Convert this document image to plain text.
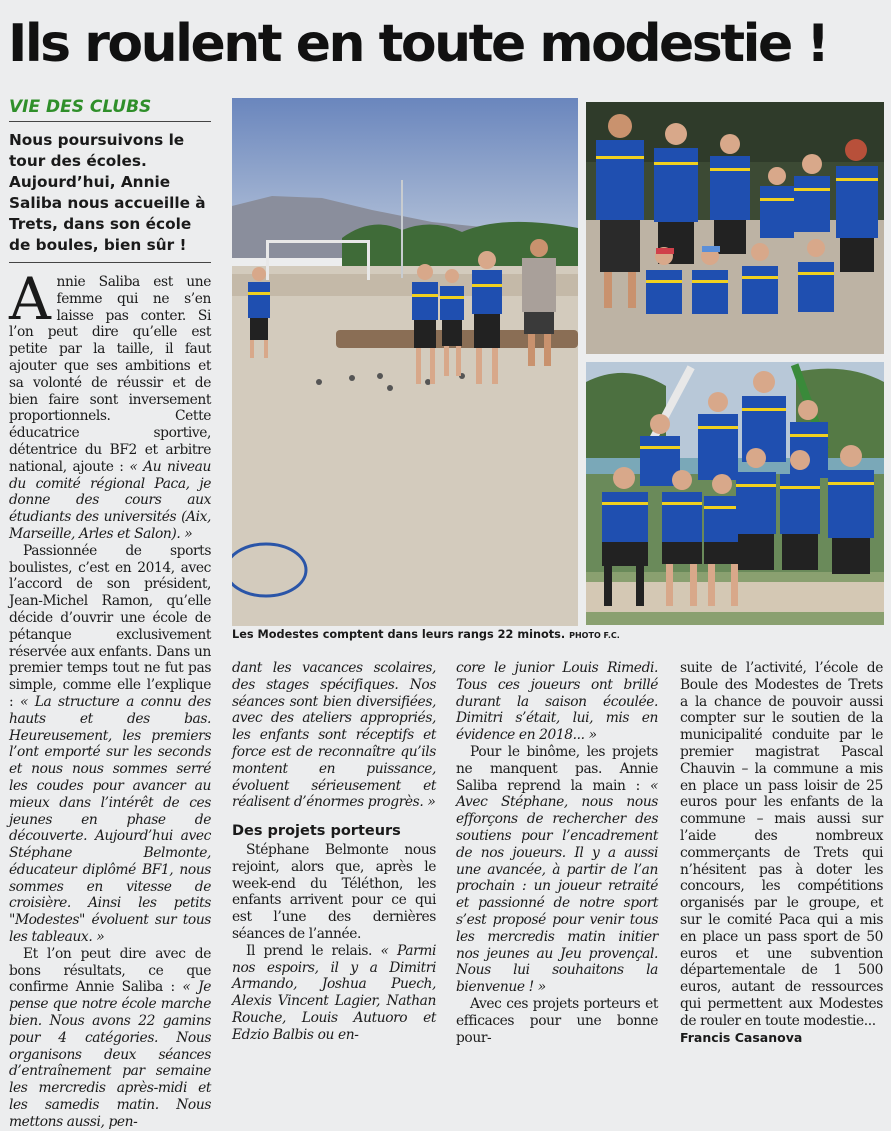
Ils roulent en toute modestie !
VIE DES CLUBS
Nous poursuivons le tour des écoles. Aujourd’hui, Annie Saliba nous accueille à Trets, dans son école de boules, bien sûr !

Annie Saliba est une femme qui ne s’en laisse pas conter. Si l’on peut dire qu’elle est petite par la taille, il faut ajouter que ses ambitions et sa volonté de réussir et de bien faire sont inversement proportionnels. Cette éducatrice sportive, détentrice du BF2 et arbitre national, ajoute : « Au niveau du comité régional Paca, je donne des cours aux étudiants des universités (Aix, Marseille, Arles et Salon). »

Passionnée de sports boulistes, c’est en 2014, avec l’accord de son président, Jean-Michel Ramon, qu’elle décide d’ouvrir une école de pétanque exclusivement réservée aux enfants. Dans un premier temps tout ne fut pas simple, comme elle l’explique : « La structure a connu des hauts et des bas. Heureusement, les premiers l’ont emporté sur les seconds et nous nous sommes serré les coudes pour avancer au mieux dans l’intérêt de ces jeunes en phase de découverte. Aujourd’hui avec Stéphane Belmonte, éducateur diplômé BF1, nous sommes en vitesse de croisière. Ainsi les petits "Modestes" évoluent sur tous les tableaux. »

Et l’on peut dire avec de bons résultats, ce que confirme Annie Saliba : « Je pense que notre école marche bien. Nous avons 22 gamins pour 4 catégories. Nous organisons deux séances d’entraînement par semaine les mercredis après-midi et les samedis matin. Nous mettons aussi, pen-

Les Modestes comptent dans leurs rangs 22 minots. PHOTO F.C.

dant les vacances scolaires, des stages spécifiques. Nos séances sont bien diversifiées, avec des ateliers appropriés, les enfants sont réceptifs et force est de reconnaître qu’ils montent en puissance, évoluent sérieusement et réalisent d’énormes progrès. »

Des projets porteurs

Stéphane Belmonte nous rejoint, alors que, après le week-end du Téléthon, les enfants arrivent pour ce qui est l’une des dernières séances de l’année.

Il prend le relais. « Parmi nos espoirs, il y a Dimitri Armando, Joshua Puech, Alexis Vincent Lagier, Nathan Rouche, Louis Autuoro et Edzio Balbis ou en-

core le junior Louis Rimedi. Tous ces joueurs ont brillé durant la saison écoulée. Dimitri s’était, lui, mis en évidence en 2018... »

Pour le binôme, les projets ne manquent pas. Annie Saliba reprend la main : « Avec Stéphane, nous nous efforçons de rechercher des soutiens pour l’encadrement de nos joueurs. Il y a aussi une avancée, à partir de l’an prochain : un joueur retraité et passionné de notre sport s’est proposé pour venir tous les mercredis matin initier nos jeunes au Jeu provençal. Nous lui souhaitons la bienvenue ! »

Avec ces projets porteurs et efficaces pour une bonne pour-

suite de l’activité, l’école de Boule des Modestes de Trets a la chance de pouvoir aussi compter sur le soutien de la municipalité conduite par le premier magistrat Pascal Chauvin – la commune a mis en place un pass loisir de 25 euros pour les enfants de la commune – mais aussi sur l’aide des nombreux commerçants de Trets qui n’hésitent pas à doter les concours, les compétitions organisés par le groupe, et sur le comité Paca qui a mis en place un pass sport de 50 euros et une subvention départementale de 1 500 euros, autant de ressources qui permettent aux Modestes de rouler en toute modestie...

Francis Casanova
